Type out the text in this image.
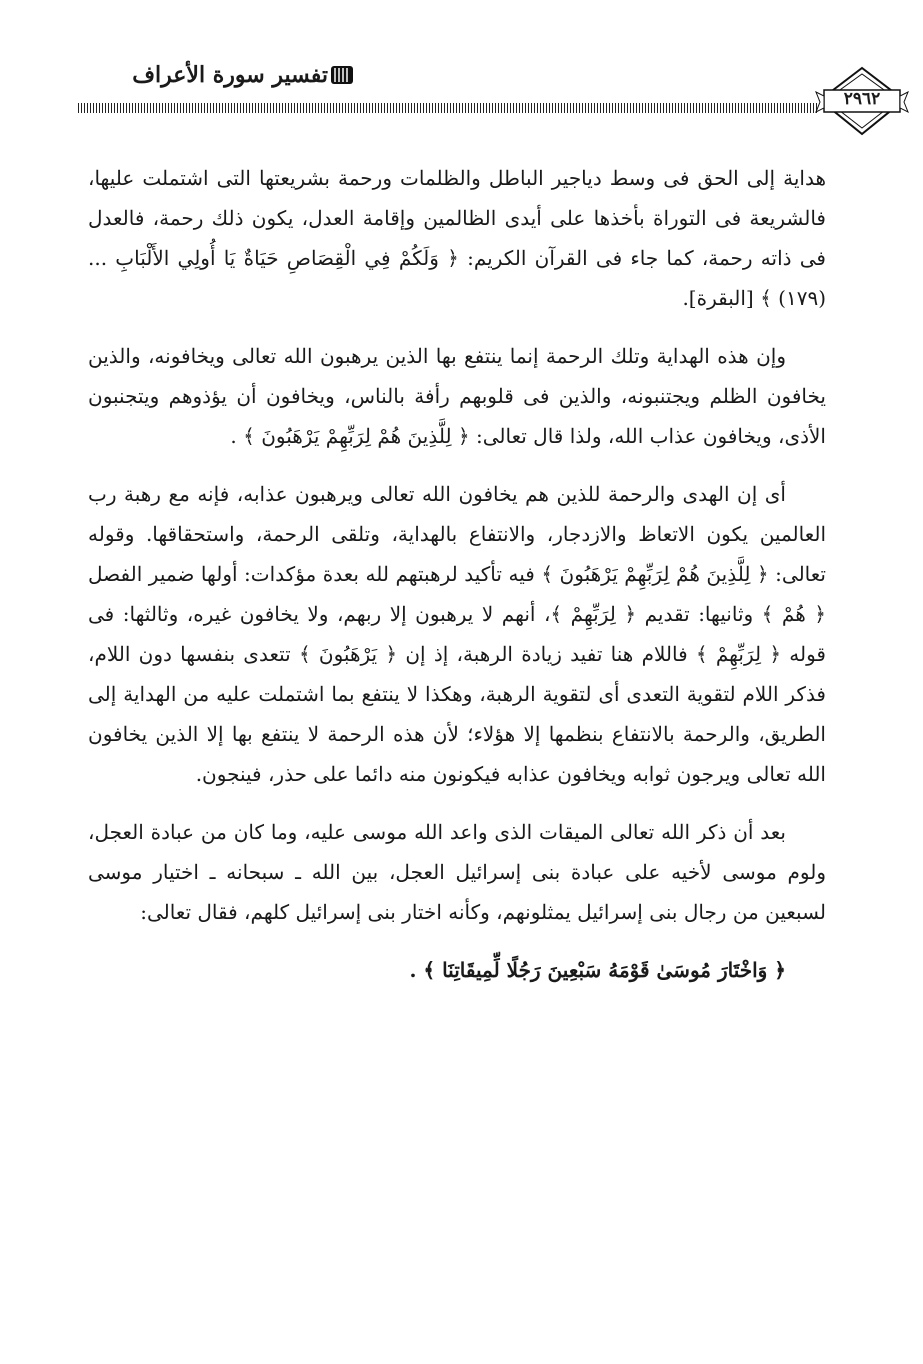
تفسير سورة الأعراف
٢٩٦٢

هداية إلى الحق فى وسط دياجير الباطل والظلمات ورحمة بشريعتها التى اشتملت عليها، فالشريعة فى التوراة بأخذها على أيدى الظالمين وإقامة العدل، يكون ذلك رحمة، فالعدل فى ذاته رحمة، كما جاء فى القرآن الكريم: ﴿ وَلَكُمْ فِي الْقِصَاصِ حَيَاةٌ يَا أُولِي الأَلْبَابِ ... (١٧٩) ﴾ [البقرة].

وإن هذه الهداية وتلك الرحمة إنما ينتفع بها الذين يرهبون الله تعالى ويخافونه، والذين يخافون الظلم ويجتنبونه، والذين فى قلوبهم رأفة بالناس، ويخافون أن يؤذوهم ويتجنبون الأذى، ويخافون عذاب الله، ولذا قال تعالى: ﴿ لِلَّذِينَ هُمْ لِرَبِّهِمْ يَرْهَبُونَ ﴾ .

أى إن الهدى والرحمة للذين هم يخافون الله تعالى ويرهبون عذابه، فإنه مع رهبة رب العالمين يكون الاتعاظ والازدجار، والانتفاع بالهداية، وتلقى الرحمة، واستحقاقها. وقوله تعالى: ﴿ لِلَّذِينَ هُمْ لِرَبِّهِمْ يَرْهَبُونَ ﴾ فيه تأكيد لرهبتهم لله بعدة مؤكدات: أولها ضمير الفصل ﴿ هُمْ ﴾ وثانيها: تقديم ﴿ لِرَبِّهِمْ ﴾، أنهم لا يرهبون إلا ربهم، ولا يخافون غيره، وثالثها: فى قوله ﴿ لِرَبِّهِمْ ﴾ فاللام هنا تفيد زيادة الرهبة، إذ إن ﴿ يَرْهَبُونَ ﴾ تتعدى بنفسها دون اللام، فذكر اللام لتقوية التعدى أى لتقوية الرهبة، وهكذا لا ينتفع بما اشتملت عليه من الهداية إلى الطريق، والرحمة بالانتفاع بنظمها إلا هؤلاء؛ لأن هذه الرحمة لا ينتفع بها إلا الذين يخافون الله تعالى ويرجون ثوابه ويخافون عذابه فيكونون منه دائما على حذر، فينجون.

بعد أن ذكر الله تعالى الميقات الذى واعد الله موسى عليه، وما كان من عبادة العجل، ولوم موسى لأخيه على عبادة بنى إسرائيل العجل، بين الله ـ سبحانه ـ اختيار موسى لسبعين من رجال بنى إسرائيل يمثلونهم، وكأنه اختار بنى إسرائيل كلهم، فقال تعالى:

﴿ وَاخْتَارَ مُوسَىٰ قَوْمَهُ سَبْعِينَ رَجُلًا لِّمِيقَاتِنَا ﴾ .
